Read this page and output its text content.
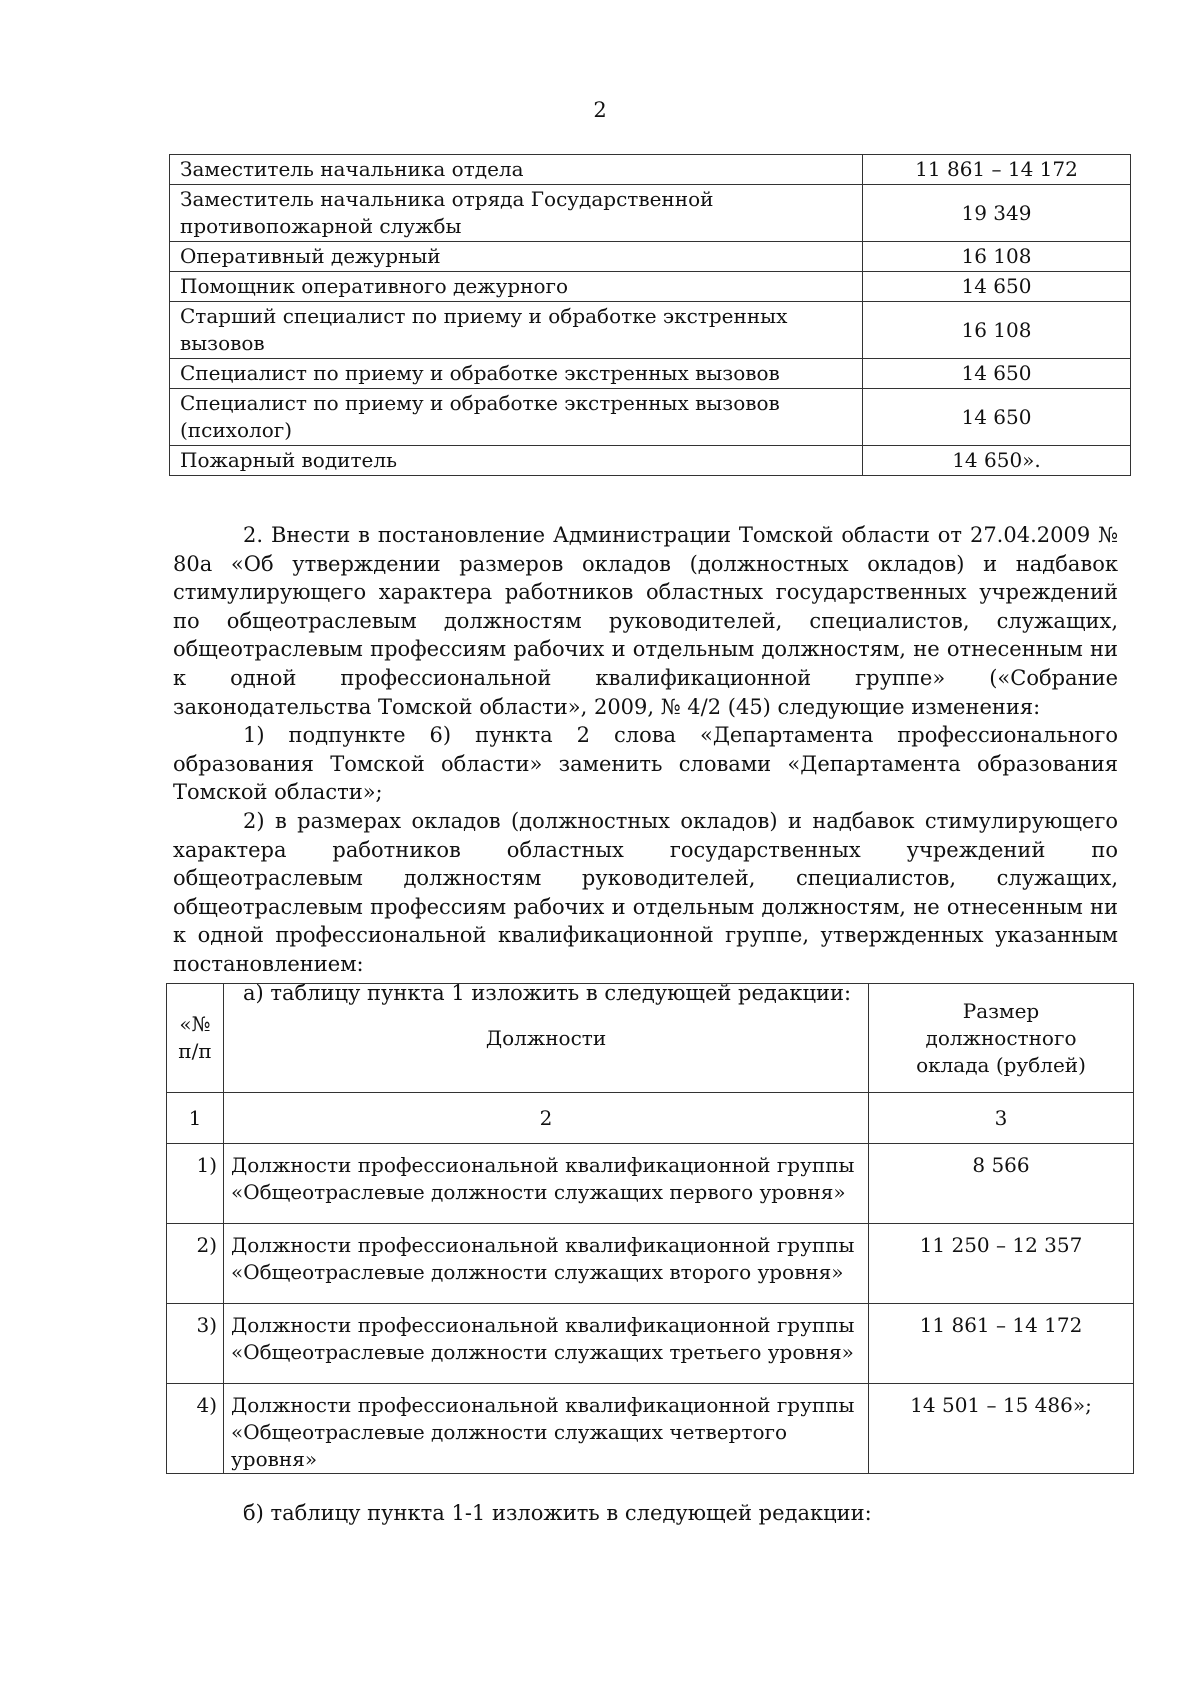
2
Заместитель начальника отдела	11 861 – 14 172
Заместитель начальника отряда Государственной противопожарной службы	19 349
Оперативный дежурный	16 108
Помощник оперативного дежурного	14 650
Старший специалист по приему и обработке экстренных вызовов	16 108
Специалист по приему и обработке экстренных вызовов	14 650
Специалист по приему и обработке экстренных вызовов (психолог)	14 650
Пожарный водитель	14 650».

2. Внести в постановление Администрации Томской области от 27.04.2009 № 80а «Об утверждении размеров окладов (должностных окладов) и надбавок стимулирующего характера работников областных государственных учреждений по общеотраслевым должностям руководителей, специалистов, служащих, общеотраслевым профессиям рабочих и отдельным должностям, не отнесенным ни к одной профессиональной квалификационной группе» («Собрание законодательства Томской области», 2009, № 4/2 (45) следующие изменения:

1) подпункте 6) пункта 2 слова «Департамента профессионального образования Томской области» заменить словами «Департамента образования Томской области»;

2) в размерах окладов (должностных окладов) и надбавок стимулирующего характера работников областных государственных учреждений по общеотраслевым должностям руководителей, специалистов, служащих, общеотраслевым профессиям рабочих и отдельным должностям, не отнесенным ни к одной профессиональной квалификационной группе, утвержденных указанным постановлением:

а) таблицу пункта 1 изложить в следующей редакции:

«№ п/п	Должности	Размер должностного оклада (рублей)
1	2	3
1)	Должности профессиональной квалификационной группы «Общеотраслевые должности служащих первого уровня»	8 566
2)	Должности профессиональной квалификационной группы «Общеотраслевые должности служащих второго уровня»	11 250 – 12 357
3)	Должности профессиональной квалификационной группы «Общеотраслевые должности служащих третьего уровня»	11 861 – 14 172
4)	Должности профессиональной квалификационной группы «Общеотраслевые должности служащих четвертого уровня»	14 501 – 15 486»;

б) таблицу пункта 1-1 изложить в следующей редакции:
